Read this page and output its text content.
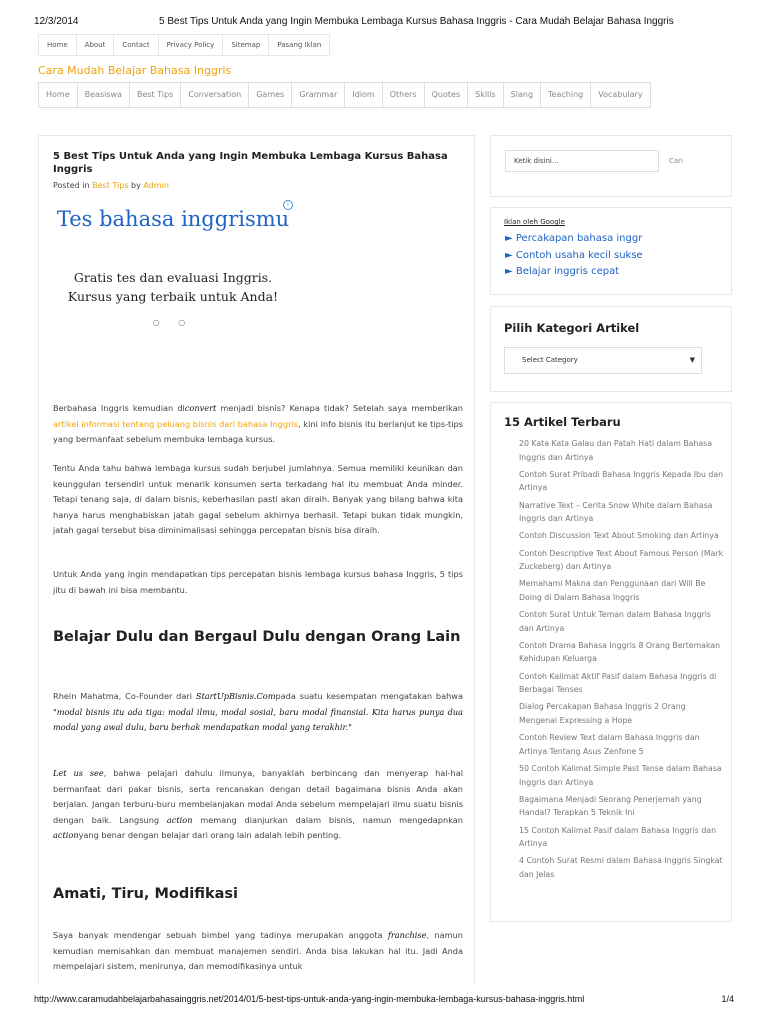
12/3/2014	5 Best Tips Untuk Anda yang Ingin Membuka Lembaga Kursus Bahasa Inggris - Cara Mudah Belajar Bahasa Inggris
Home	About	Contact	Privacy Policy	Sitemap	Pasang Iklan
Cara Mudah Belajar Bahasa Inggris
Home	Beasiswa	Best Tips	Conversation	Games	Grammar	Idiom	Others	Quotes	Skills	Slang	Teaching	Vocabulary
5 Best Tips Untuk Anda yang Ingin Membuka Lembaga Kursus Bahasa Inggris
Posted in Best Tips by Admin
i
Tes bahasa inggrismu
Gratis tes dan evaluasi Inggris. Kursus yang terbaik untuk Anda!
○ ○

Berbahasa Inggris kemudian diconvert menjadi bisnis? Kenapa tidak? Setelah saya memberikan artikel informasi tentang peluang bisnis dari bahasa Inggris, kini info bisnis itu berlanjut ke tips-tips yang bermanfaat sebelum membuka lembaga kursus.

Tentu Anda tahu bahwa lembaga kursus sudah berjubel jumlahnya. Semua memiliki keunikan dan keunggulan tersendiri untuk menarik konsumen serta terkadang hal itu membuat Anda minder. Tetapi tenang saja, di dalam bisnis, keberhasilan pasti akan diraih. Banyak yang bilang bahwa kita hanya harus menghabiskan jatah gagal sebelum akhirnya berhasil. Tetapi bukan tidak mungkin, jatah gagal tersebut bisa diminimalisasi sehingga percepatan bisnis bisa diraih.

Untuk Anda yang ingin mendapatkan tips percepatan bisnis lembaga kursus bahasa Inggris, 5 tips jitu di bawah ini bisa membantu.

Belajar Dulu dan Bergaul Dulu dengan Orang Lain

Rhein Mahatma, Co-Founder dari StartUpBisnis.Compada suatu kesempatan mengatakan bahwa "modal bisnis itu ada tiga: modal ilmu, modal sosial, baru modal finansial. Kita harus punya dua modal yang awal dulu, baru berhak mendapatkan modal yang terakhir."

Let us see, bahwa pelajari dahulu ilmunya, banyaklah berbincang dan menyerap hal-hal bermanfaat dari pakar bisnis, serta rencanakan dengan detail bagaimana bisnis Anda akan berjalan. Jangan terburu-buru membelanjakan modal Anda sebelum mempelajari ilmu suatu bisnis dengan baik. Langsung action memang dianjurkan dalam bisnis, namun mengedapnkan actionyang benar dengan belajar dari orang lain adalah lebih penting.

Amati, Tiru, Modifikasi

Saya banyak mendengar sebuah bimbel yang tadinya merupakan anggota franchise, namun kemudian memisahkan dan membuat manajemen sendiri. Anda bisa lakukan hal itu. Jadi Anda mempelajari sistem, menirunya, dan memodifikasinya untuk

Ketik disini...	Cari
Iklan oleh Google
► Percakapan bahasa inggr
► Contoh usaha kecil sukse
► Belajar inggris cepat
Pilih Kategori Artikel
Select Category	▼
15 Artikel Terbaru
20 Kata Kata Galau dan Patah Hati dalam Bahasa Inggris dan Artinya
Contoh Surat Pribadi Bahasa Inggris Kepada Ibu dan Artinya
Narrative Text – Cerita Snow White dalam Bahasa Inggris dan Artinya
Contoh Discussion Text About Smoking dan Artinya
Contoh Descriptive Text About Famous Person (Mark Zuckeberg) dan Artinya
Memahami Makna dan Penggunaan dari Will Be Doing di Dalam Bahasa Inggris
Contoh Surat Untuk Teman dalam Bahasa Inggris dan Artinya
Contoh Drama Bahasa Inggris 8 Orang Bertemakan Kehidupan Keluarga
Contoh Kalimat Aktif Pasif dalam Bahasa Inggris di Berbagai Tenses
Dialog Percakapan Bahasa Inggris 2 Orang Mengenai Expressing a Hope
Contoh Review Text dalam Bahasa Inggris dan Artinya Tentang Asus Zenfone 5
50 Contoh Kalimat Simple Past Tense dalam Bahasa Inggris dan Artinya
Bagaimana Menjadi Seorang Penerjemah yang Handal? Terapkan 5 Teknik Ini
15 Contoh Kalimat Pasif dalam Bahasa Inggris dan Artinya
4 Contoh Surat Resmi dalam Bahasa Inggris Singkat dan Jelas
http://www.caramudahbelajarbahasainggris.net/2014/01/5-best-tips-untuk-anda-yang-ingin-membuka-lembaga-kursus-bahasa-inggris.html	1/4
